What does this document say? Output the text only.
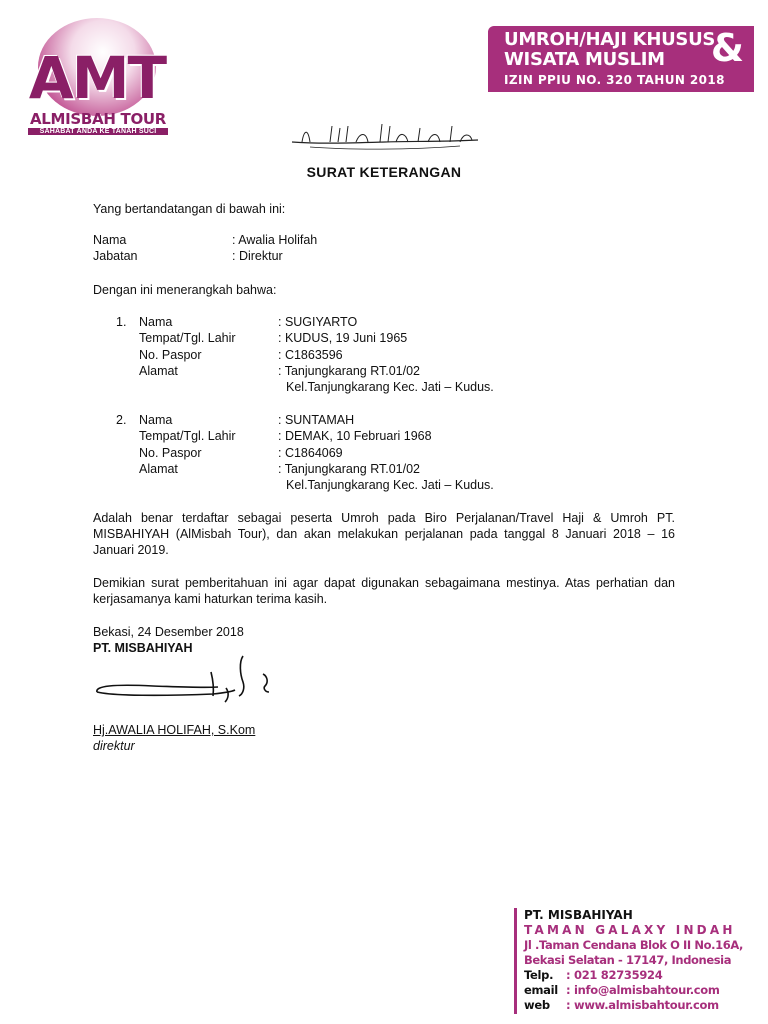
AMT
ALMISBAH TOUR
SAHABAT ANDA KE TANAH SUCI
UMROH/HAJI KHUSUS
WISATA MUSLIM &
IZIN PPIU NO. 320 TAHUN 2018
SURAT KETERANGAN
Yang bertandatangan di bawah ini:
Nama	: Awalia Holifah
Jabatan	: Direktur
Dengan ini menerangkah bahwa:
1. Nama	: SUGIYARTO
Tempat/Tgl. Lahir	: KUDUS, 19 Juni 1965
No. Paspor	: C1863596
Alamat	: Tanjungkarang RT.01/02
Kel.Tanjungkarang Kec. Jati – Kudus.
2. Nama	: SUNTAMAH
Tempat/Tgl. Lahir	: DEMAK, 10 Februari 1968
No. Paspor	: C1864069
Alamat	: Tanjungkarang RT.01/02
Kel.Tanjungkarang Kec. Jati – Kudus.
Adalah benar terdaftar sebagai peserta Umroh pada Biro Perjalanan/Travel Haji & Umroh PT. MISBAHIYAH (AlMisbah Tour), dan akan melakukan perjalanan pada tanggal 8 Januari 2018 – 16 Januari 2019.
Demikian surat pemberitahuan ini agar dapat digunakan sebagaimana mestinya. Atas perhatian dan kerjasamanya kami haturkan terima kasih.
Bekasi, 24 Desember 2018
PT. MISBAHIYAH
Hj.AWALIA HOLIFAH, S.Kom
direktur
PT. MISBAHIYAH
TAMAN GALAXY INDAH
Jl .Taman Cendana Blok O II No.16A,
Bekasi Selatan - 17147, Indonesia
Telp. : 021 82735924
email : info@almisbahtour.com
web : www.almisbahtour.com
